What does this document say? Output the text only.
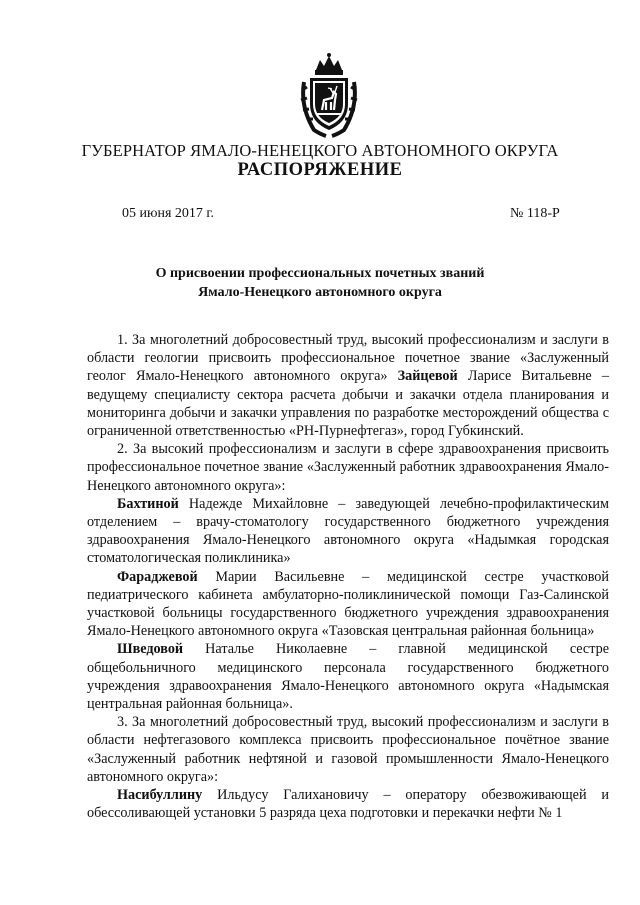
ГУБЕРНАТОР ЯМАЛО-НЕНЕЦКОГО АВТОНОМНОГО ОКРУГА
РАСПОРЯЖЕНИЕ
05 июня 2017 г.	№ 118-Р
О присвоении профессиональных почетных званий
Ямало-Ненецкого автономного округа

1. За многолетний добросовестный труд, высокий профессионализм и заслуги в области геологии присвоить профессиональное почетное звание «Заслуженный геолог Ямало-Ненецкого автономного округа» Зайцевой Ларисе Витальевне – ведущему специалисту сектора расчета добычи и закачки отдела планирования и мониторинга добычи и закачки управления по разработке месторождений общества с ограниченной ответственностью «РН-Пурнефтегаз», город Губкинский.

2. За высокий профессионализм и заслуги в сфере здравоохранения присвоить профессиональное почетное звание «Заслуженный работник здравоохранения Ямало-Ненецкого автономного округа»:

Бахтиной Надежде Михайловне – заведующей лечебно-профилактическим отделением – врачу-стоматологу государственного бюджетного учреждения здравоохранения Ямало-Ненецкого автономного округа «Надымкая городская стоматологическая поликлиника»

Фараджевой Марии Васильевне – медицинской сестре участковой педиатрического кабинета амбулаторно-поликлинической помощи Газ-Салинской участковой больницы государственного бюджетного учреждения здравоохранения Ямало-Ненецкого автономного округа «Тазовская центральная районная больница»

Шведовой Наталье Николаевне – главной медицинской сестре общебольничного медицинского персонала государственного бюджетного учреждения здравоохранения Ямало-Ненецкого автономного округа «Надымская центральная районная больница».

3. За многолетний добросовестный труд, высокий профессионализм и заслуги в области нефтегазового комплекса присвоить профессиональное почётное звание «Заслуженный работник нефтяной и газовой промышленности Ямало-Ненецкого автономного округа»:

Насибуллину Ильдусу Галихановичу – оператору обезвоживающей и обессоливающей установки 5 разряда цеха подготовки и перекачки нефти № 1
